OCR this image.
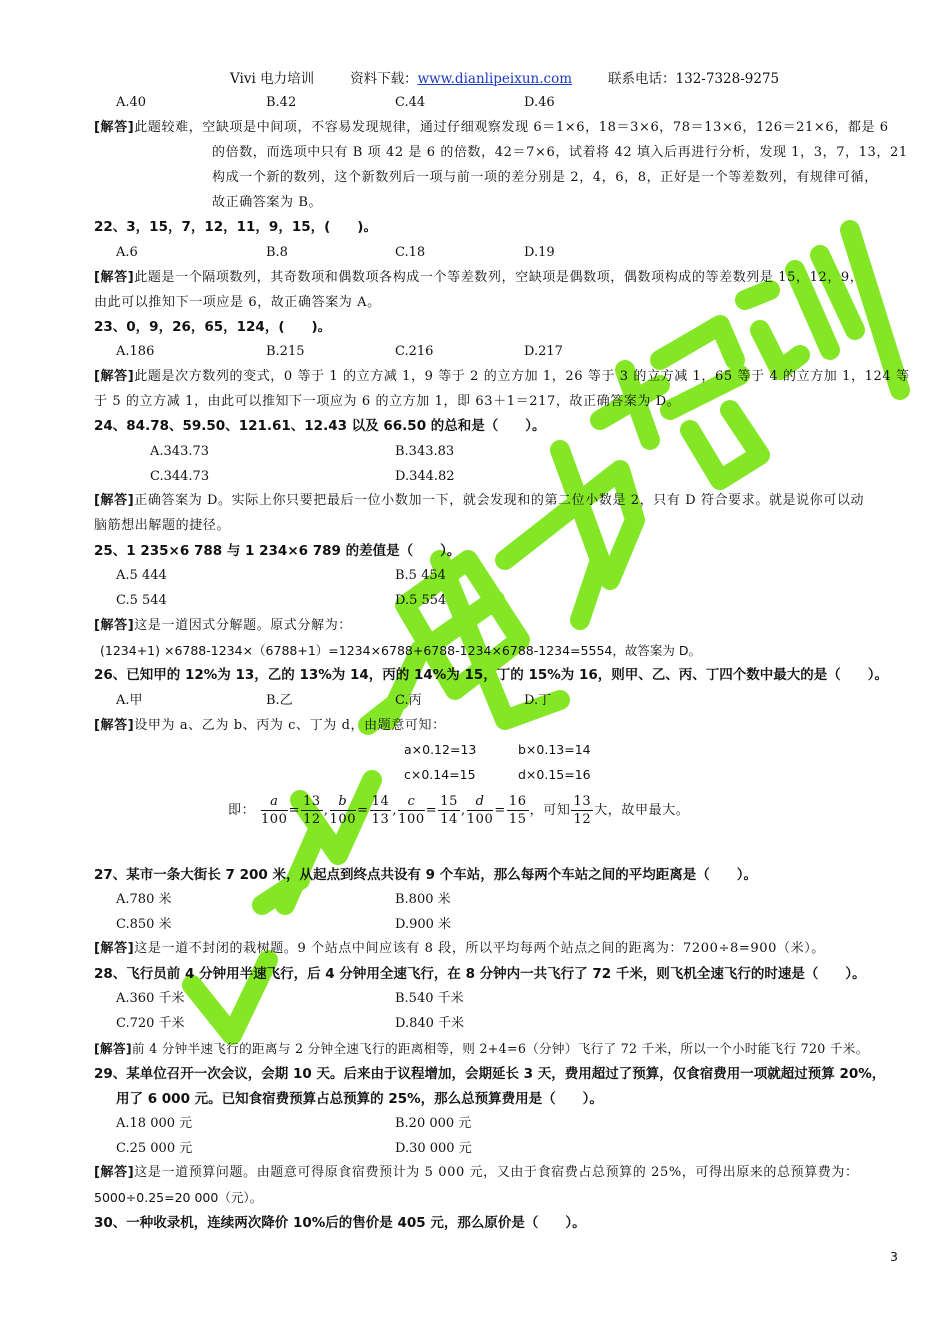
Vivi 电力培训	资料下载：www.dianlipeixun.com	联系电话：132-7328-9275
A.40	B.42	C.44	D.46
[解答]此题较难，空缺项是中间项，不容易发现规律，通过仔细观察发现 6＝1×6，18＝3×6，78＝13×6，126＝21×6，都是 6
的倍数，而选项中只有 B 项 42 是 6 的倍数，42＝7×6，试着将 42 填入后再进行分析，发现 1，3，7，13，21
构成一个新的数列，这个新数列后一项与前一项的差分别是 2，4，6，8，正好是一个等差数列，有规律可循，
故正确答案为 B。
22、3，15，7，12，11，9，15，(　　)。
A.6	B.8	C.18	D.19
[解答]此题是一个隔项数列，其奇数项和偶数项各构成一个等差数列，空缺项是偶数项，偶数项构成的等差数列是 15，12，9，
由此可以推知下一项应是 6，故正确答案为 A。
23、0，9，26，65，124，(　　)。
A.186	B.215	C.216	D.217
[解答]此题是次方数列的变式，0 等于 1 的立方减 1，9 等于 2 的立方加 1，26 等于 3 的立方减 1，65 等于 4 的立方加 1，124 等
于 5 的立方减 1，由此可以推知下一项应为 6 的立方加 1，即 63＋1＝217，故正确答案为 D。
24、84.78、59.50、121.61、12.43 以及 66.50 的总和是（　　）。
A.343.73	B.343.83
C.344.73	D.344.82
[解答]正确答案为 D。实际上你只要把最后一位小数加一下，就会发现和的第二位小数是 2，只有 D 符合要求。就是说你可以动
脑筋想出解题的捷径。
25、1 235×6 788 与 1 234×6 789 的差值是（　　）。
A.5 444	B.5 454
C.5 544	D.5 554
[解答]这是一道因式分解题。原式分解为：
(1234+1) ×6788-1234×（6788+1）=1234×6788+6788-1234×6788-1234=5554，故答案为 D。
26、已知甲的 12%为 13，乙的 13%为 14，丙的 14%为 15，丁的 15%为 16，则甲、乙、丙、丁四个数中最大的是（　　）。
A.甲	B.乙	C.丙	D.丁
[解答]设甲为 a、乙为 b、丙为 c、丁为 d，由题意可知：
a×0.12=13	b×0.13=14
c×0.14=15	d×0.15=16
即： $\frac{a}{100} = \frac{13}{12}$ , $\frac{b}{100} = \frac{14}{13}$ , $\frac{c}{100} = \frac{15}{14}$ , $\frac{d}{100} = \frac{16}{15}$ ，可知 $\frac{13}{12}$ 大，故甲最大。
27、某市一条大街长 7 200 米，从起点到终点共设有 9 个车站，那么每两个车站之间的平均距离是（　　）。
A.780 米	B.800 米
C.850 米	D.900 米
[解答]这是一道不封闭的栽树题。9 个站点中间应该有 8 段，所以平均每两个站点之间的距离为：7200÷8=900（米）。
28、飞行员前 4 分钟用半速飞行，后 4 分钟用全速飞行，在 8 分钟内一共飞行了 72 千米，则飞机全速飞行的时速是（　　）。
A.360 千米	B.540 千米
C.720 千米	D.840 千米
[解答]前 4 分钟半速飞行的距离与 2 分钟全速飞行的距离相等，则 2+4=6（分钟）飞行了 72 千米，所以一个小时能飞行 720 千米。
29、某单位召开一次会议，会期 10 天。后来由于议程增加，会期延长 3 天，费用超过了预算，仅食宿费用一项就超过预算 20%，
用了 6 000 元。已知食宿费预算占总预算的 25%，那么总预算费用是（　　）。
A.18 000 元	B.20 000 元
C.25 000 元	D.30 000 元
[解答]这是一道预算问题。由题意可得原食宿费预计为 5 000 元，又由于食宿费占总预算的 25%，可得出原来的总预算费为：
5000÷0.25=20 000（元）。
30、一种收录机，连续两次降价 10%后的售价是 405 元，那么原价是（　　）。
3
